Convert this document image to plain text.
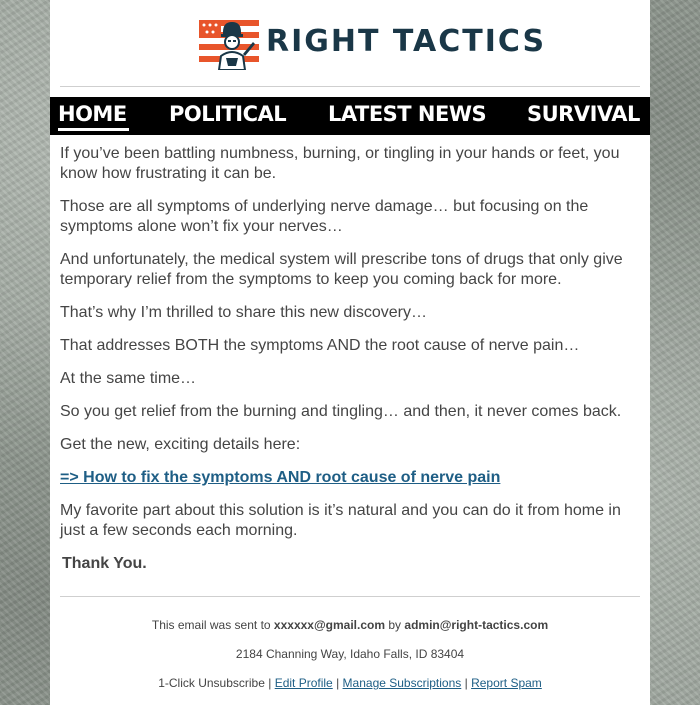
RIGHT TACTICS
HOME POLITICAL LATEST NEWS SURVIVAL

If you’ve been battling numbness, burning, or tingling in your hands or feet, you know how frustrating it can be.

Those are all symptoms of underlying nerve damage… but focusing on the symptoms alone won’t fix your nerves…

And unfortunately, the medical system will prescribe tons of drugs that only give temporary relief from the symptoms to keep you coming back for more.

That’s why I’m thrilled to share this new discovery…

That addresses BOTH the symptoms AND the root cause of nerve pain…

At the same time…

So you get relief from the burning and tingling… and then, it never comes back.

Get the new, exciting details here:

=> How to fix the symptoms AND root cause of nerve pain

My favorite part about this solution is it’s natural and you can do it from home in just a few seconds each morning.

Thank You.

This email was sent to xxxxxx@gmail.com by admin@right-tactics.com
2184 Channing Way, Idaho Falls, ID 83404
1-Click Unsubscribe | Edit Profile | Manage Subscriptions | Report Spam
